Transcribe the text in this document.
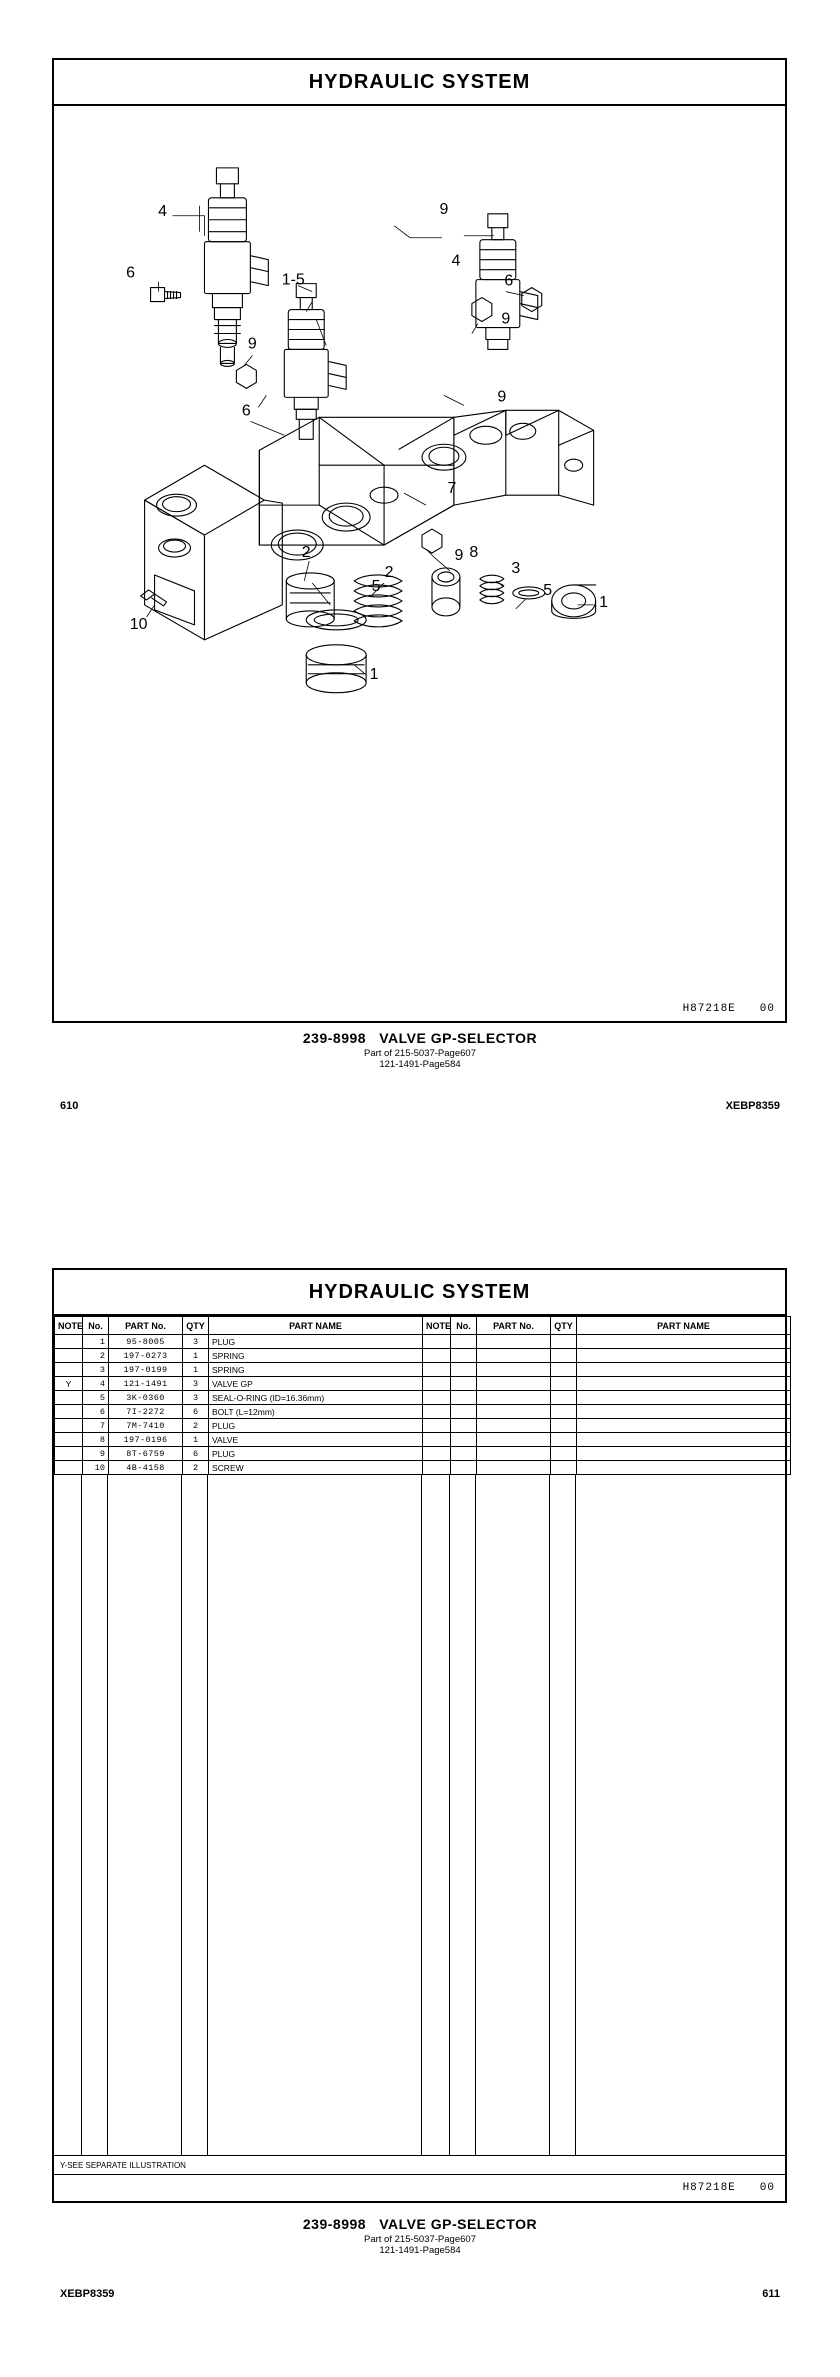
HYDRAULIC SYSTEM
4
6
9
1-5
6
9
7
4
6
9
9
9 8
3
5
1
10
2
2
5
1
H87218E 00
239-8998 VALVE GP-SELECTOR
Part of 215-5037-Page607
121-1491-Page584
610	XEBP8359
HYDRAULIC SYSTEM
NOTE	No.	PART No.	QTY	PART NAME	NOTE	No.	PART No.	QTY	PART NAME
	1	95-8005	3	PLUG					
	2	197-0273	1	SPRING					
	3	197-0199	1	SPRING					
Y	4	121-1491	3	VALVE GP					
	5	3K-0360	3	SEAL-O-RING (ID=16.36mm)					
	6	7I-2272	6	BOLT (L=12mm)					
	7	7M-7410	2	PLUG					
	8	197-0196	1	VALVE					
	9	8T-6759	6	PLUG					
	10	4B-4158	2	SCREW					
Y-SEE SEPARATE ILLUSTRATION
H87218E 00
239-8998 VALVE GP-SELECTOR
Part of 215-5037-Page607
121-1491-Page584
XEBP8359	611
